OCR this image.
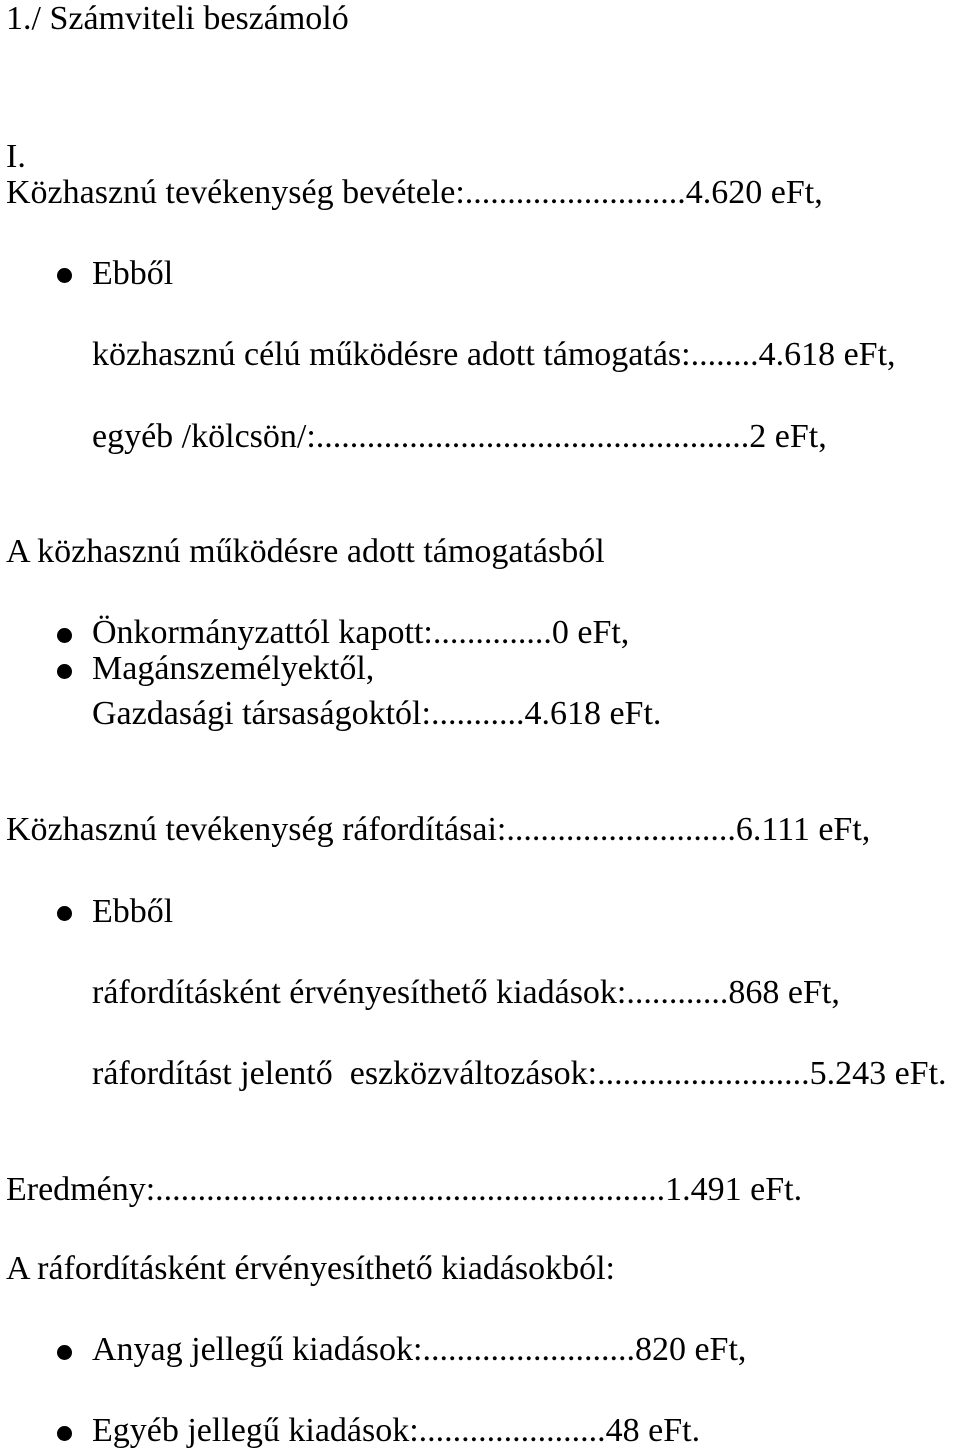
1./ Számviteli beszámoló
I.
Közhasznú tevékenység bevétele:..........................4.620 eFt,
Ebből
közhasznú célú működésre adott támogatás:........4.618 eFt,
egyéb /kölcsön/:...................................................2 eFt,
A közhasznú működésre adott támogatásból
Önkormányzattól kapott:..............0 eFt,
Magánszemélyektől,
Gazdasági társaságoktól:...........4.618 eFt.
Közhasznú tevékenység ráfordításai:...........................6.111 eFt,
Ebből
ráfordításként érvényesíthető kiadások:............868 eFt,
ráfordítást jelentő  eszközváltozások:.........................5.243 eFt.
Eredmény:............................................................1.491 eFt.
A ráfordításként érvényesíthető kiadásokból:
Anyag jellegű kiadások:.........................820 eFt,
Egyéb jellegű kiadások:......................48 eFt.
